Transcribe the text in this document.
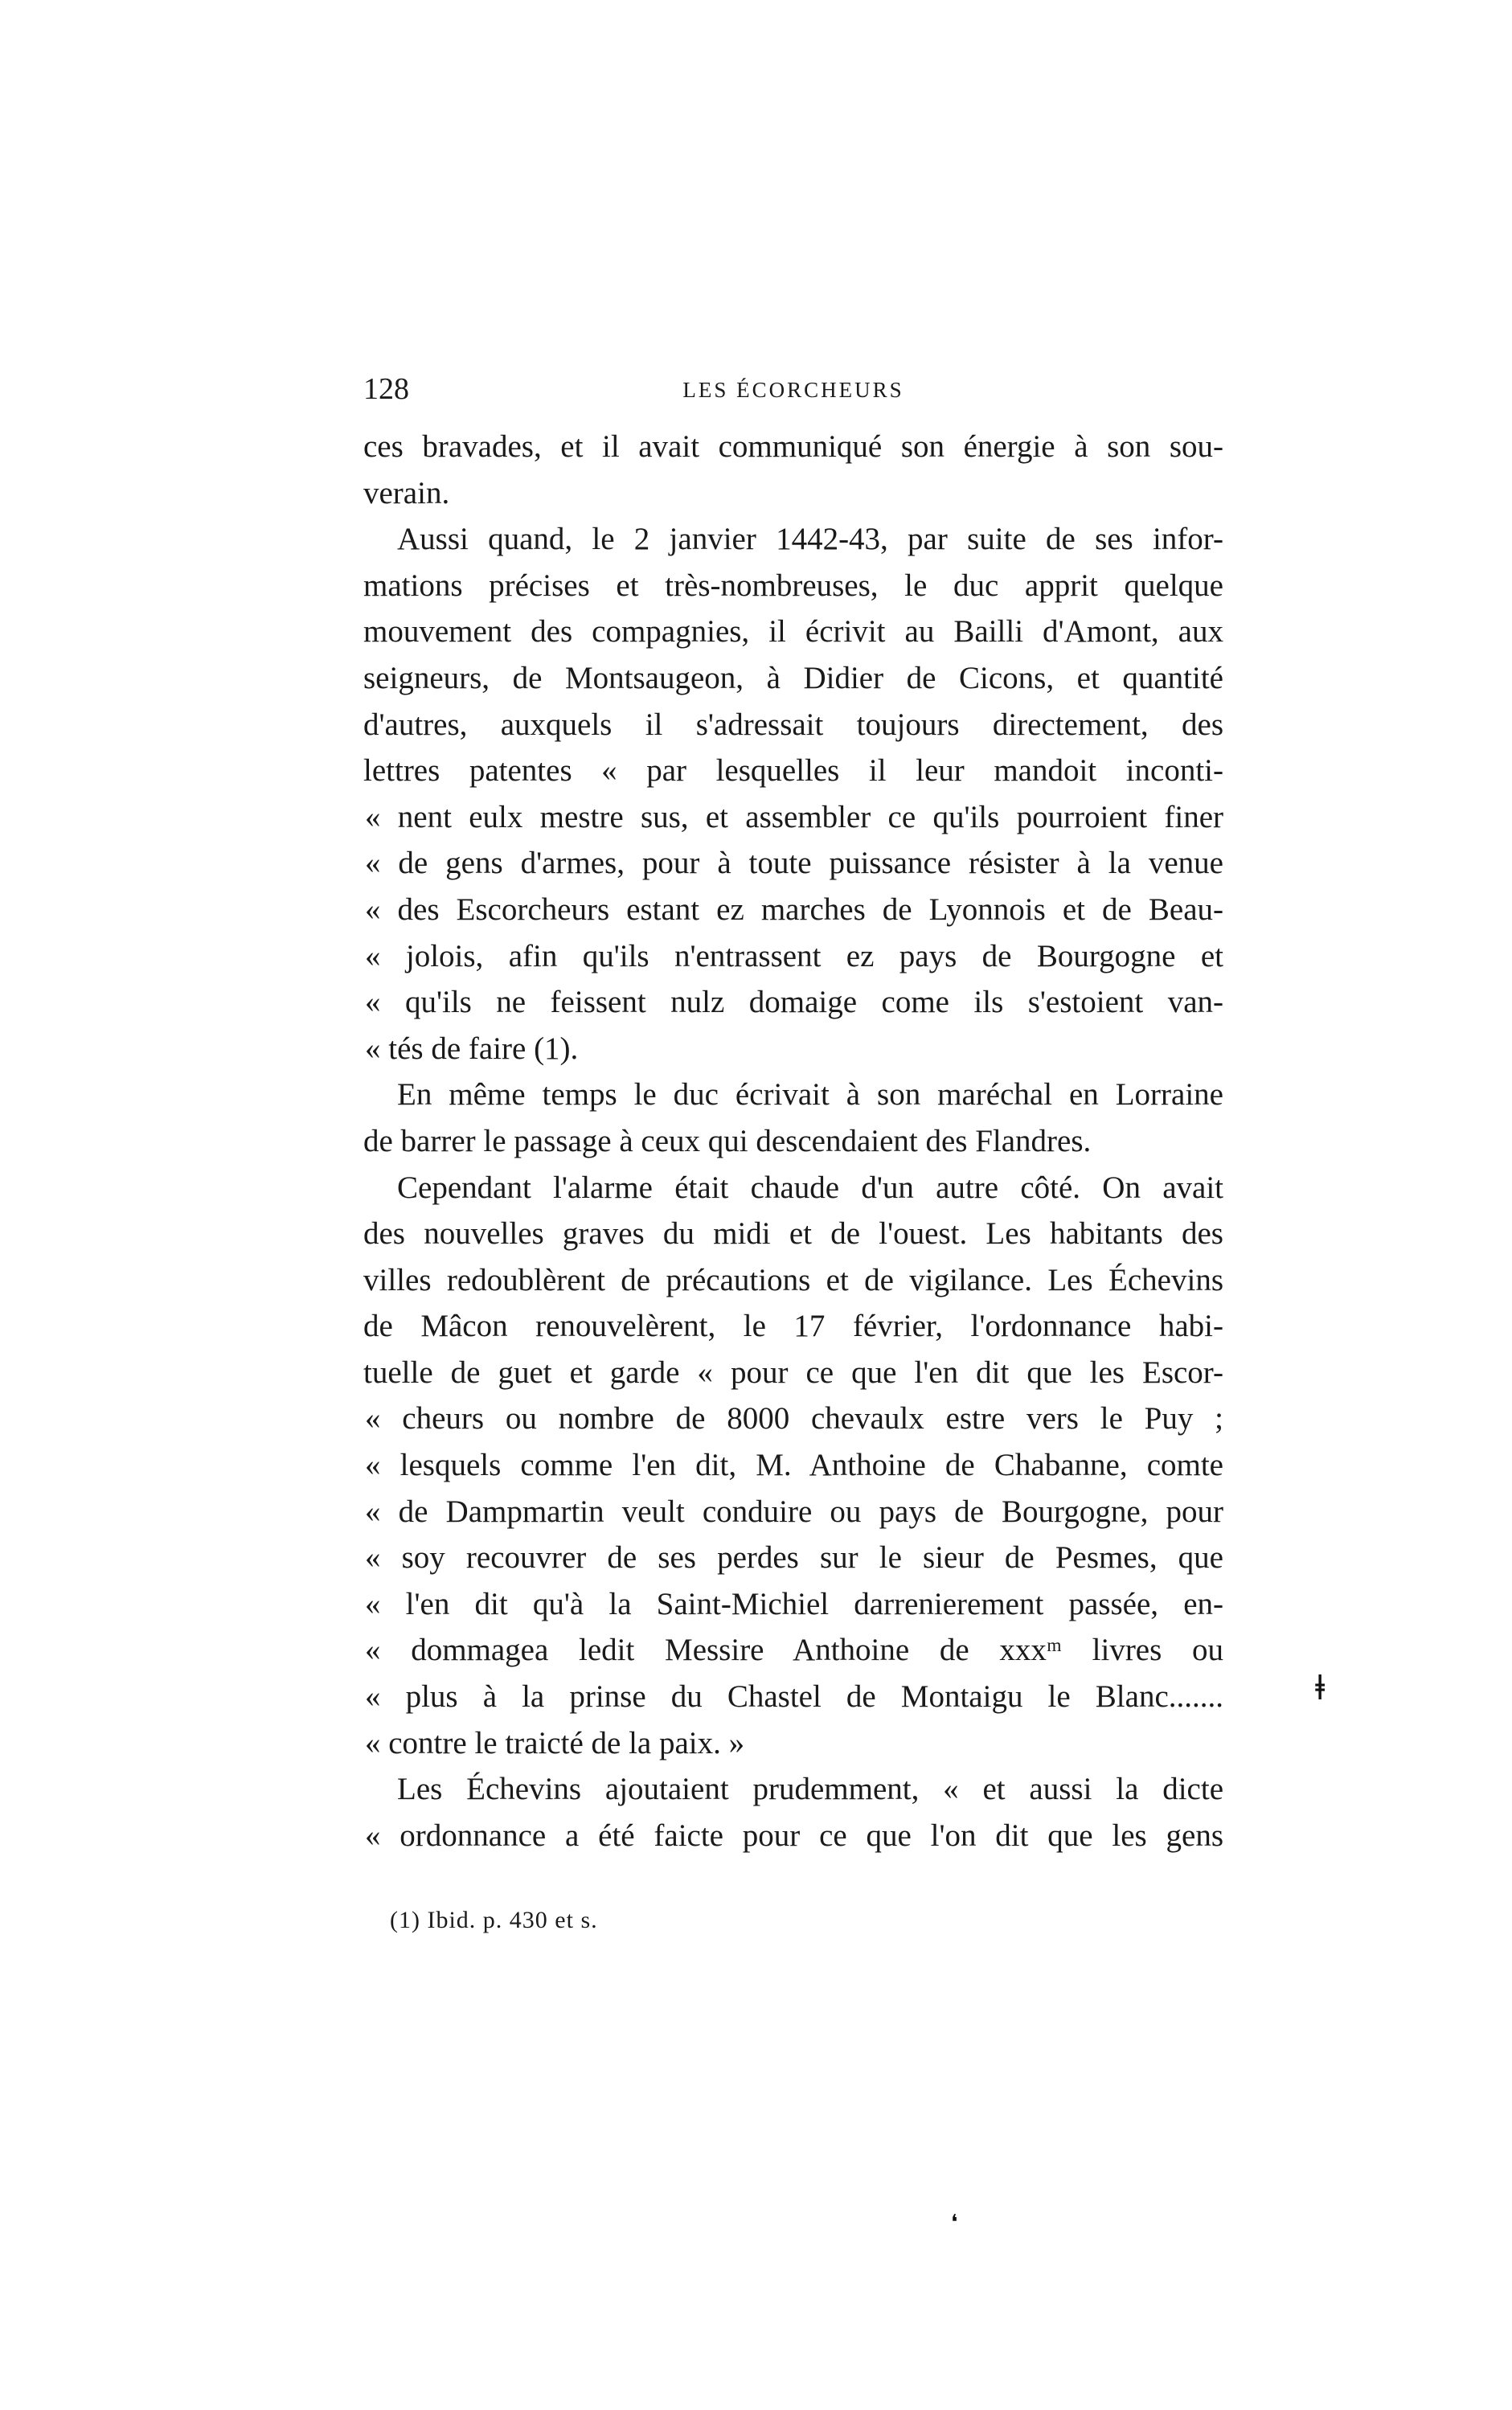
128	LES ÉCORCHEURS
ces bravades, et il avait communiqué son énergie à son sou-
verain.
Aussi quand, le 2 janvier 1442-43, par suite de ses infor-
mations précises et très-nombreuses, le duc apprit quelque
mouvement des compagnies, il écrivit au Bailli d'Amont, aux
seigneurs, de Montsaugeon, à Didier de Cicons, et quantité
d'autres, auxquels il s'adressait toujours directement, des
lettres patentes « par lesquelles il leur mandoit inconti-
« nent eulx mestre sus, et assembler ce qu'ils pourroient finer
« de gens d'armes, pour à toute puissance résister à la venue
« des Escorcheurs estant ez marches de Lyonnois et de Beau-
« jolois, afin qu'ils n'entrassent ez pays de Bourgogne et
« qu'ils ne feissent nulz domaige come ils s'estoient van-
« tés de faire (1).
En même temps le duc écrivait à son maréchal en Lorraine
de barrer le passage à ceux qui descendaient des Flandres.
Cependant l'alarme était chaude d'un autre côté. On avait
des nouvelles graves du midi et de l'ouest. Les habitants des
villes redoublèrent de précautions et de vigilance. Les Échevins
de Mâcon renouvelèrent, le 17 février, l'ordonnance habi-
tuelle de guet et garde « pour ce que l'en dit que les Escor-
« cheurs ou nombre de 8000 chevaulx estre vers le Puy ;
« lesquels comme l'en dit, M. Anthoine de Chabanne, comte
« de Dampmartin veult conduire ou pays de Bourgogne, pour
« soy recouvrer de ses perdes sur le sieur de Pesmes, que
« l'en dit qu'à la Saint-Michiel darrenierement passée, en-
« dommagea ledit Messire Anthoine de xxxᵐ livres ou
« plus à la prinse du Chastel de Montaigu le Blanc.......
« contre le traicté de la paix. »
Les Échevins ajoutaient prudemment, « et aussi la dicte
« ordonnance a été faicte pour ce que l'on dit que les gens
(1) Ibid. p. 430 et s.
ǂ
❛
